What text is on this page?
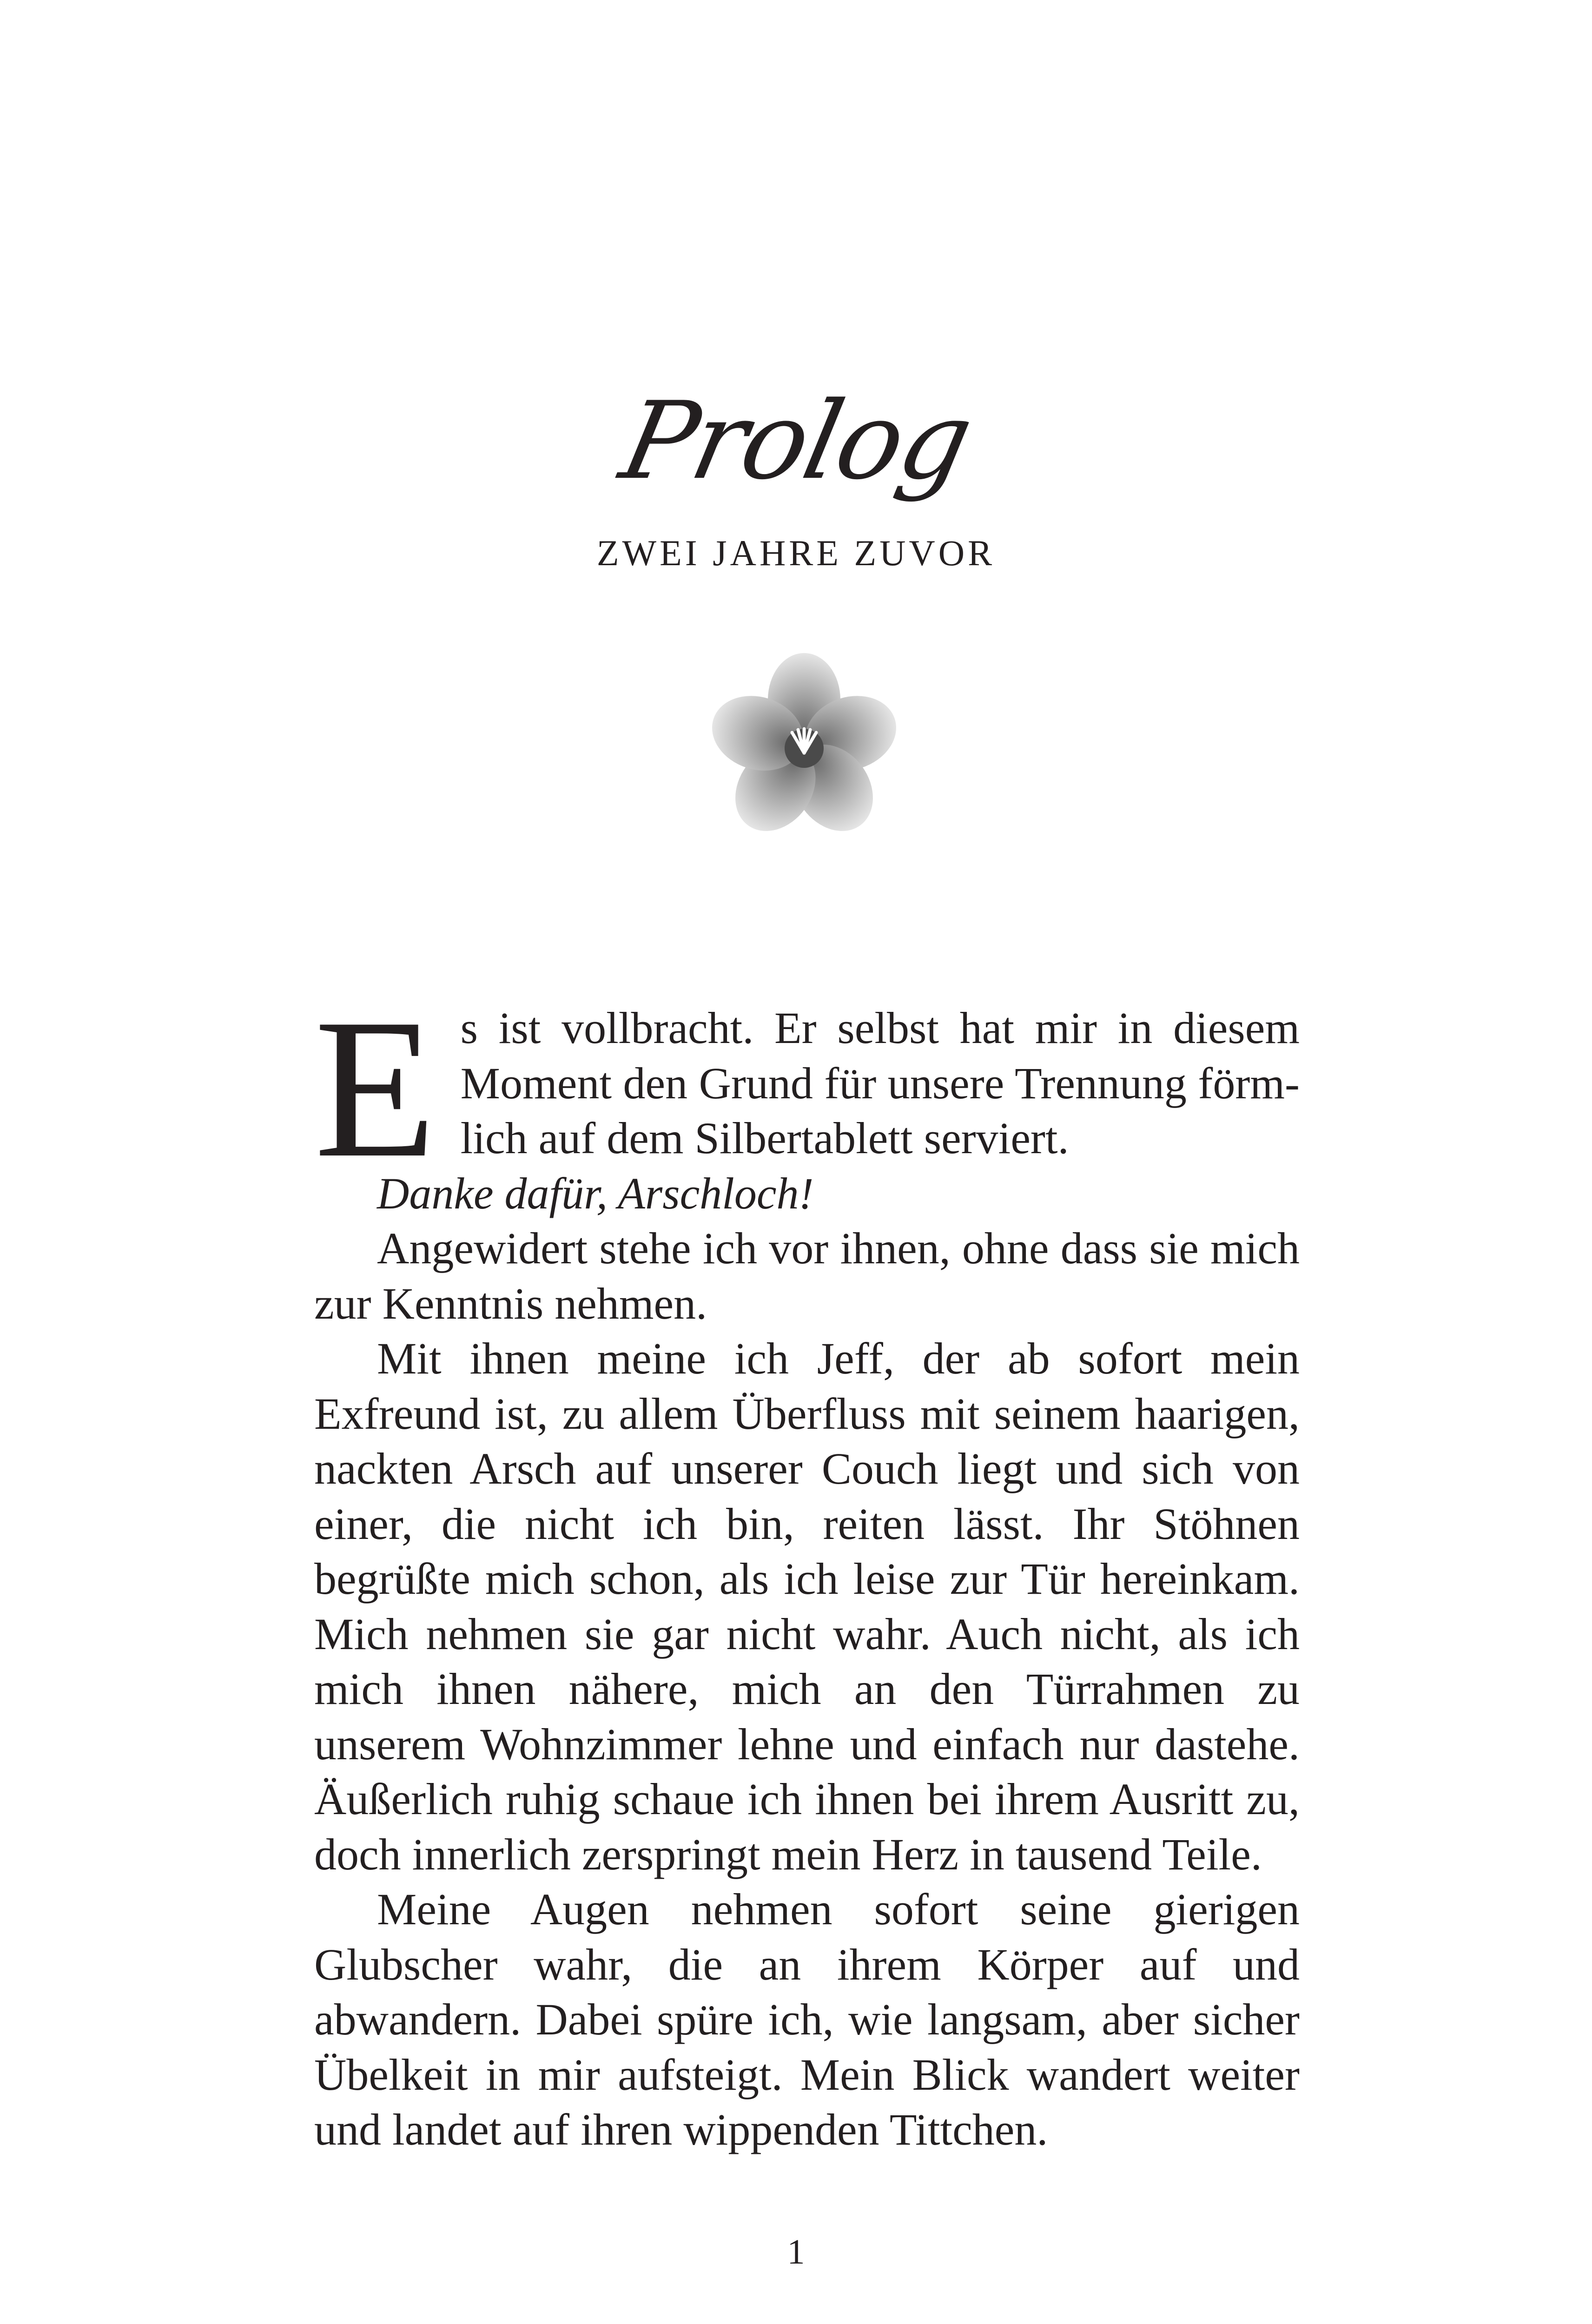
Prolog
ZWEI JAHRE ZUVOR

Es ist vollbracht. Er selbst hat mir in diesem Moment den Grund für unsere Trennung förmlich auf dem Silbertablett serviert.

Danke dafür, Arschloch!

Angewidert stehe ich vor ihnen, ohne dass sie mich zur Kenntnis nehmen.

Mit ihnen meine ich Jeff, der ab sofort mein Exfreund ist, zu allem Überfluss mit seinem haarigen, nackten Arsch auf unserer Couch liegt und sich von einer, die nicht ich bin, reiten lässt. Ihr Stöhnen begrüßte mich schon, als ich leise zur Tür hereinkam. Mich nehmen sie gar nicht wahr. Auch nicht, als ich mich ihnen nähere, mich an den Türrahmen zu unserem Wohnzimmer lehne und einfach nur dastehe. Äußerlich ruhig schaue ich ihnen bei ihrem Ausritt zu, doch innerlich zerspringt mein Herz in tausend Teile.

Meine Augen nehmen sofort seine gierigen Glubscher wahr, die an ihrem Körper auf und abwandern. Dabei spüre ich, wie langsam, aber sicher Übelkeit in mir aufsteigt. Mein Blick wandert weiter und landet auf ihren wippenden Tittchen.

1
